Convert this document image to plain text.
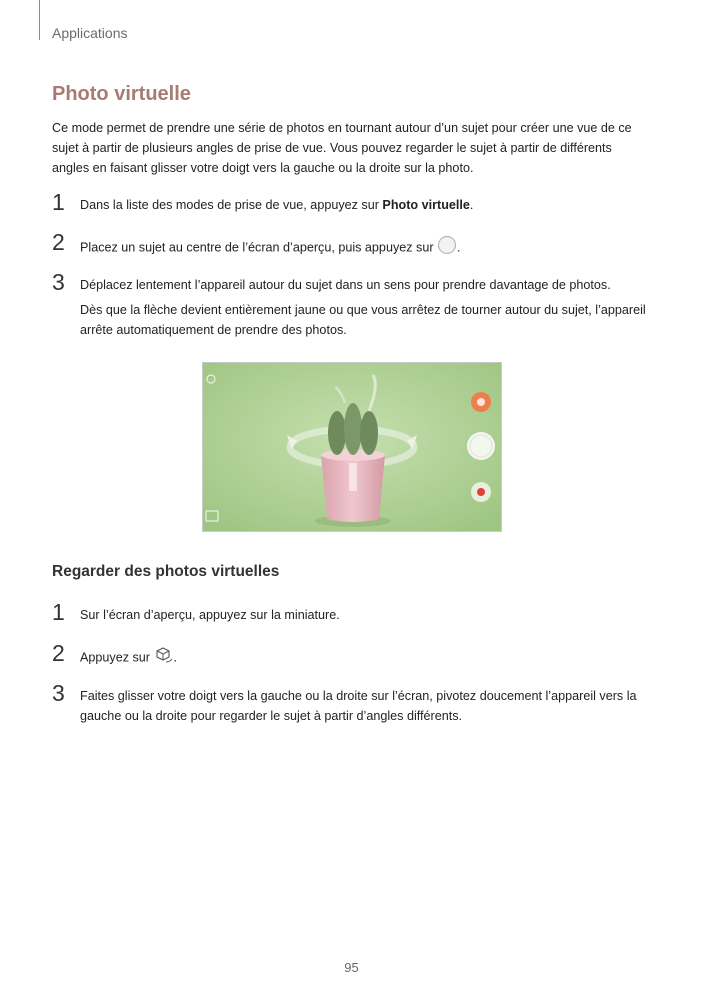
Applications
Photo virtuelle

Ce mode permet de prendre une série de photos en tournant autour d’un sujet pour créer une vue de ce sujet à partir de plusieurs angles de prise de vue. Vous pouvez regarder le sujet à partir de différents angles en faisant glisser votre doigt vers la gauche ou la droite sur la photo.

1 Dans la liste des modes de prise de vue, appuyez sur Photo virtuelle.
2 Placez un sujet au centre de l’écran d’aperçu, puis appuyez sur .
3 Déplacez lentement l’appareil autour du sujet dans un sens pour prendre davantage de photos.
Dès que la flèche devient entièrement jaune ou que vous arrêtez de tourner autour du sujet, l’appareil arrête automatiquement de prendre des photos.
Regarder des photos virtuelles
1 Sur l’écran d’aperçu, appuyez sur la miniature.
2 Appuyez sur .
3 Faites glisser votre doigt vers la gauche ou la droite sur l’écran, pivotez doucement l’appareil vers la gauche ou la droite pour regarder le sujet à partir d’angles différents.
95
